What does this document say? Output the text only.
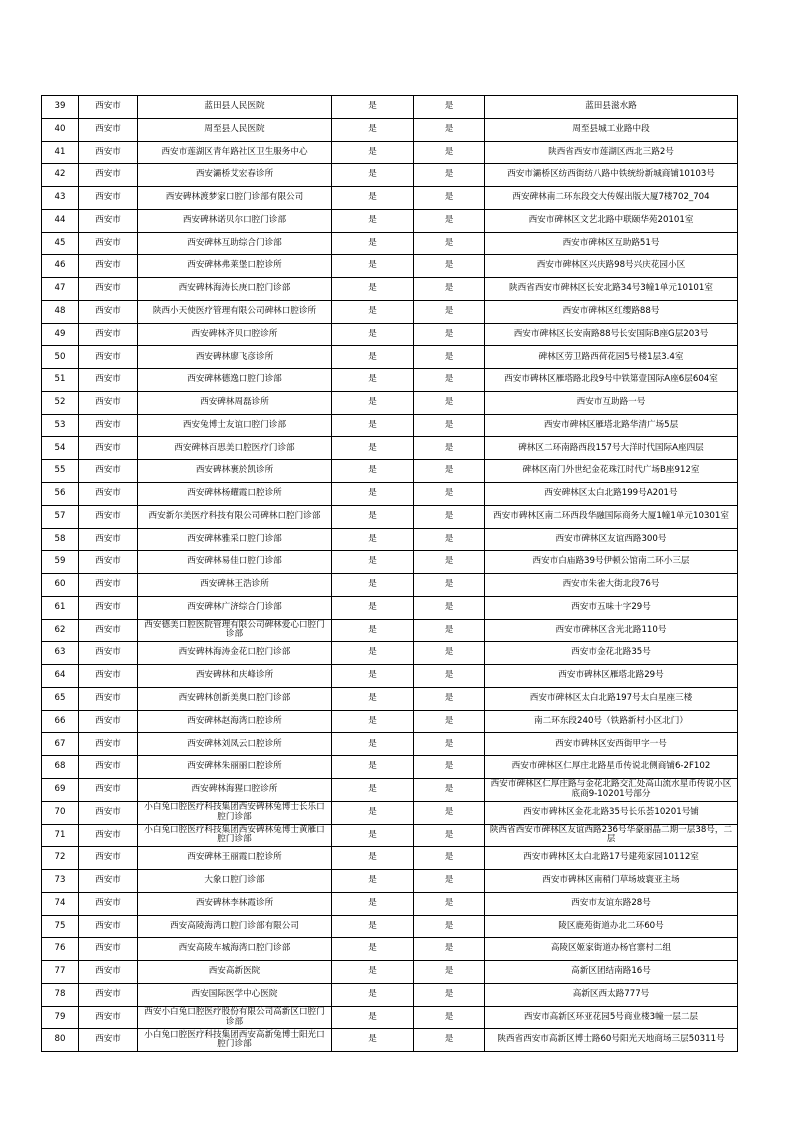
39	西安市	蓝田县人民医院	是	是	蓝田县滋水路
40	西安市	周至县人民医院	是	是	周至县城工业路中段
41	西安市	西安市莲湖区青年路社区卫生服务中心	是	是	陕西省西安市莲湖区西北三路2号
42	西安市	西安灞桥艾宏春诊所	是	是	西安市灞桥区纺西街纺八路中铁统纷新城商铺10103号
43	西安市	西安碑林渡梦家口腔门诊部有限公司	是	是	西安碑林南二环东段交大传媒出版大厦7楼702_704
44	西安市	西安碑林诺贝尔口腔门诊部	是	是	西安市碑林区文艺北路中联颐华苑20101室
45	西安市	西安碑林互助综合门诊部	是	是	西安市碑林区互助路51号
46	西安市	西安碑林弗莱堡口腔诊所	是	是	西安市碑林区兴庆路98号兴庆花园小区
47	西安市	西安碑林海涛长庚口腔门诊部	是	是	陕西省西安市碑林区长安北路34号3幢1单元10101室
48	西安市	陕西小天使医疗管理有限公司碑林口腔诊所	是	是	西安市碑林区红缨路88号
49	西安市	西安碑林齐贝口腔诊所	是	是	西安市碑林区长安南路88号长安国际B座G层203号
50	西安市	西安碑林廖飞彦诊所	是	是	碑林区劳卫路西荷花园5号楼1层3.4室
51	西安市	西安碑林德逸口腔门诊部	是	是	西安市碑林区雁塔路北段9号中铁第壹国际A座6层604室
52	西安市	西安碑林周磊诊所	是	是	西安市互助路一号
53	西安市	西安兔博士友谊口腔门诊部	是	是	西安市碑林区雁塔北路华清广场5层
54	西安市	西安碑林百思美口腔医疗门诊部	是	是	碑林区二环南路西段157号大洋时代国际A座四层
55	西安市	西安碑林裹於凯诊所	是	是	碑林区南门外世纪金花珠江时代广场B座912室
56	西安市	西安碑林杨耀霞口腔诊所	是	是	西安碑林区太白北路199号A201号
57	西安市	西安新尔美医疗科技有限公司碑林口腔门诊部	是	是	西安市碑林区南二环西段华融国际商务大厦1幢1单元10301室
58	西安市	西安碑林雅采口腔门诊部	是	是	西安市碑林区友谊西路300号
59	西安市	西安碑林易佳口腔门诊部	是	是	西安市白庙路39号伊顿公馆南二环小三层
60	西安市	西安碑林王浩诊所	是	是	西安市朱雀大街北段76号
61	西安市	西安碑林广济综合门诊部	是	是	西安市五味十字29号
62	西安市	西安德美口腔医院管理有限公司碑林爱心口腔门诊部	是	是	西安市碑林区含光北路110号
63	西安市	西安碑林海涛金花口腔门诊部	是	是	西安市金花北路35号
64	西安市	西安碑林和庆峰诊所	是	是	西安市碑林区雁塔北路29号
65	西安市	西安碑林创新美奥口腔门诊部	是	是	西安市碑林区太白北路197号太白星座三楼
66	西安市	西安碑林赵海湾口腔诊所	是	是	南二环东段240号（铁路新村小区北门）
67	西安市	西安碑林刘凤云口腔诊所	是	是	西安市碑林区安西街甲字一号
68	西安市	西安碑林朱丽丽口腔诊所	是	是	西安市碑林区仁厚庄北路星币传说北侧商铺6-2F102
69	西安市	西安碑林海猩口腔诊所	是	是	西安市碑林区仁厚庄路与金花北路交汇处高山流水星币传说小区底商9-10201号部分
70	西安市	小白兔口腔医疗科技集团西安碑林兔博士长乐口腔门诊部	是	是	西安市碑林区金花北路35号长乐荟10201号铺
71	西安市	小白兔口腔医疗科技集团西安碑林兔博士黄雁口腔门诊部	是	是	陕西省西安市碑林区友谊西路236号华豪丽晶二期一层38号，二层
72	西安市	西安碑林王丽霞口腔诊所	是	是	西安市碑林区太白北路17号建苑家园10112室
73	西安市	大象口腔门诊部	是	是	西安市碑林区南稍门草场坡寰亚主场
74	西安市	西安碑林李林霞诊所	是	是	西安市友谊东路28号
75	西安市	西安高陵海湾口腔门诊部有限公司	是	是	陵区鹿苑街道办北二环60号
76	西安市	西安高陵车城海湾口腔门诊部	是	是	高陵区姬家街道办杨官寨村二组
77	西安市	西安高新医院	是	是	高新区团结南路16号
78	西安市	西安国际医学中心医院	是	是	高新区西太路777号
79	西安市	西安小白兔口腔医疗股份有限公司高新区口腔门诊部	是	是	西安市高新区环亚花园5号商业楼3幢一层二层
80	西安市	小白兔口腔医疗科技集团西安高新兔博士阳光口腔门诊部	是	是	陕西省西安市高新区博士路60号阳光天地商场三层50311号
